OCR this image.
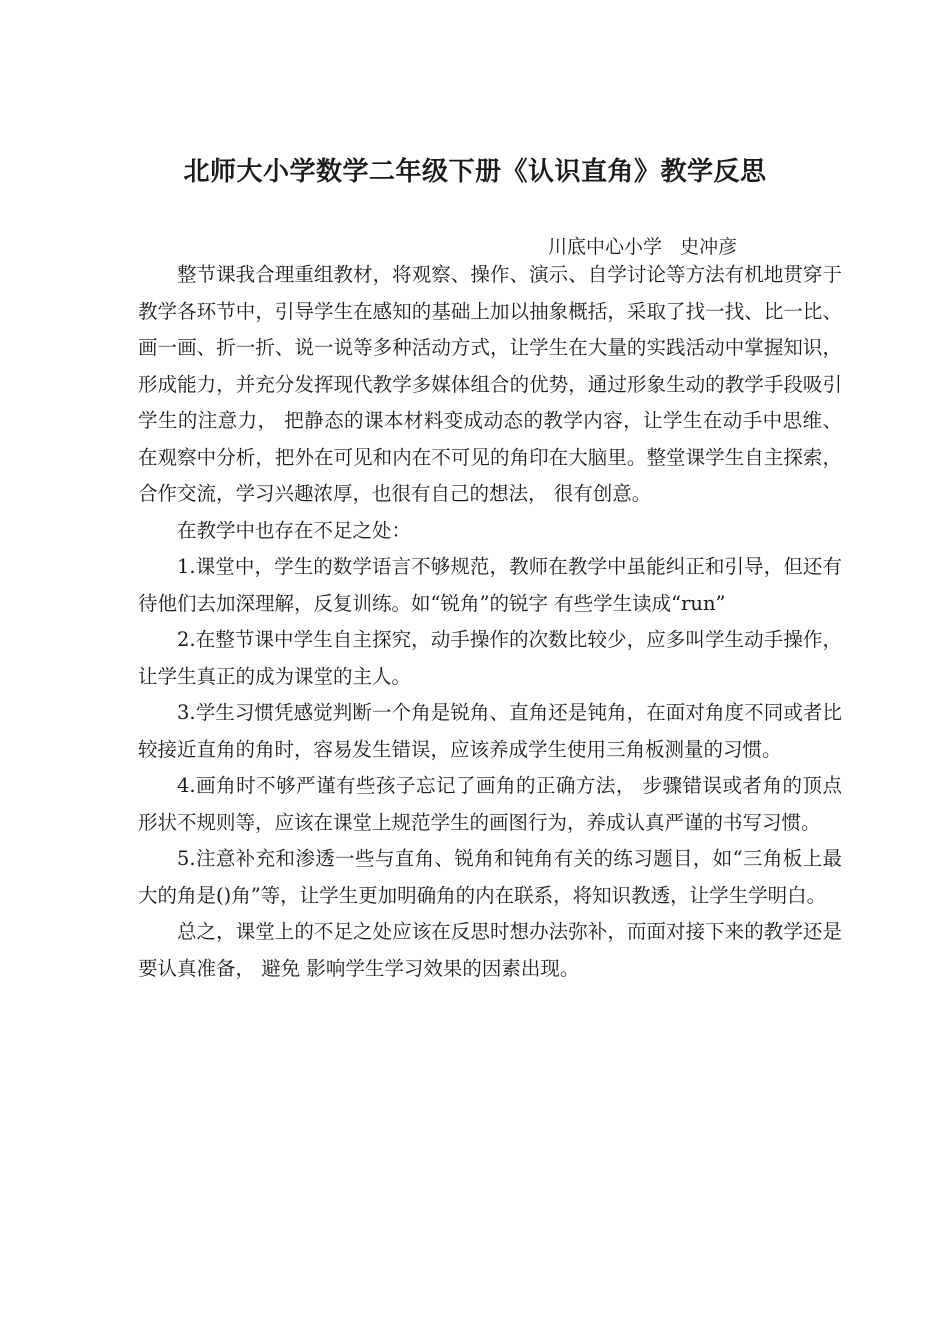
北师大小学数学二年级下册《认识直角》教学反思
川底中心小学   史冲彦

整节课我合理重组教材，将观察、操作、演示、自学讨论等方法有机地贯穿于教学各环节中，引导学生在感知的基础上加以抽象概括，采取了找一找、比一比、画一画、折一折、说一说等多种活动方式，让学生在大量的实践活动中掌握知识，形成能力，并充分发挥现代教学多媒体组合的优势，通过形象生动的教学手段吸引学生的注意力， 把静态的课本材料变成动态的教学内容，让学生在动手中思维、在观察中分析，把外在可见和内在不可见的角印在大脑里。整堂课学生自主探索，合作交流，学习兴趣浓厚，也很有自己的想法， 很有创意。

在教学中也存在不足之处：

1.课堂中，学生的数学语言不够规范，教师在教学中虽能纠正和引导，但还有待他们去加深理解，反复训练。如“锐角”的锐字 有些学生读成“run”

2.在整节课中学生自主探究，动手操作的次数比较少，应多叫学生动手操作， 让学生真正的成为课堂的主人。

3.学生习惯凭感觉判断一个角是锐角、直角还是钝角，在面对角度不同或者比较接近直角的角时，容易发生错误，应该养成学生使用三角板测量的习惯。

4.画角时不够严谨有些孩子忘记了画角的正确方法， 步骤错误或者角的顶点形状不规则等，应该在课堂上规范学生的画图行为，养成认真严谨的书写习惯。

5.注意补充和渗透一些与直角、锐角和钝角有关的练习题目，如“三角板上最大的角是()角”等，让学生更加明确角的内在联系，将知识教透，让学生学明白。

总之，课堂上的不足之处应该在反思时想办法弥补，而面对接下来的教学还是要认真准备， 避免 影响学生学习效果的因素出现。
